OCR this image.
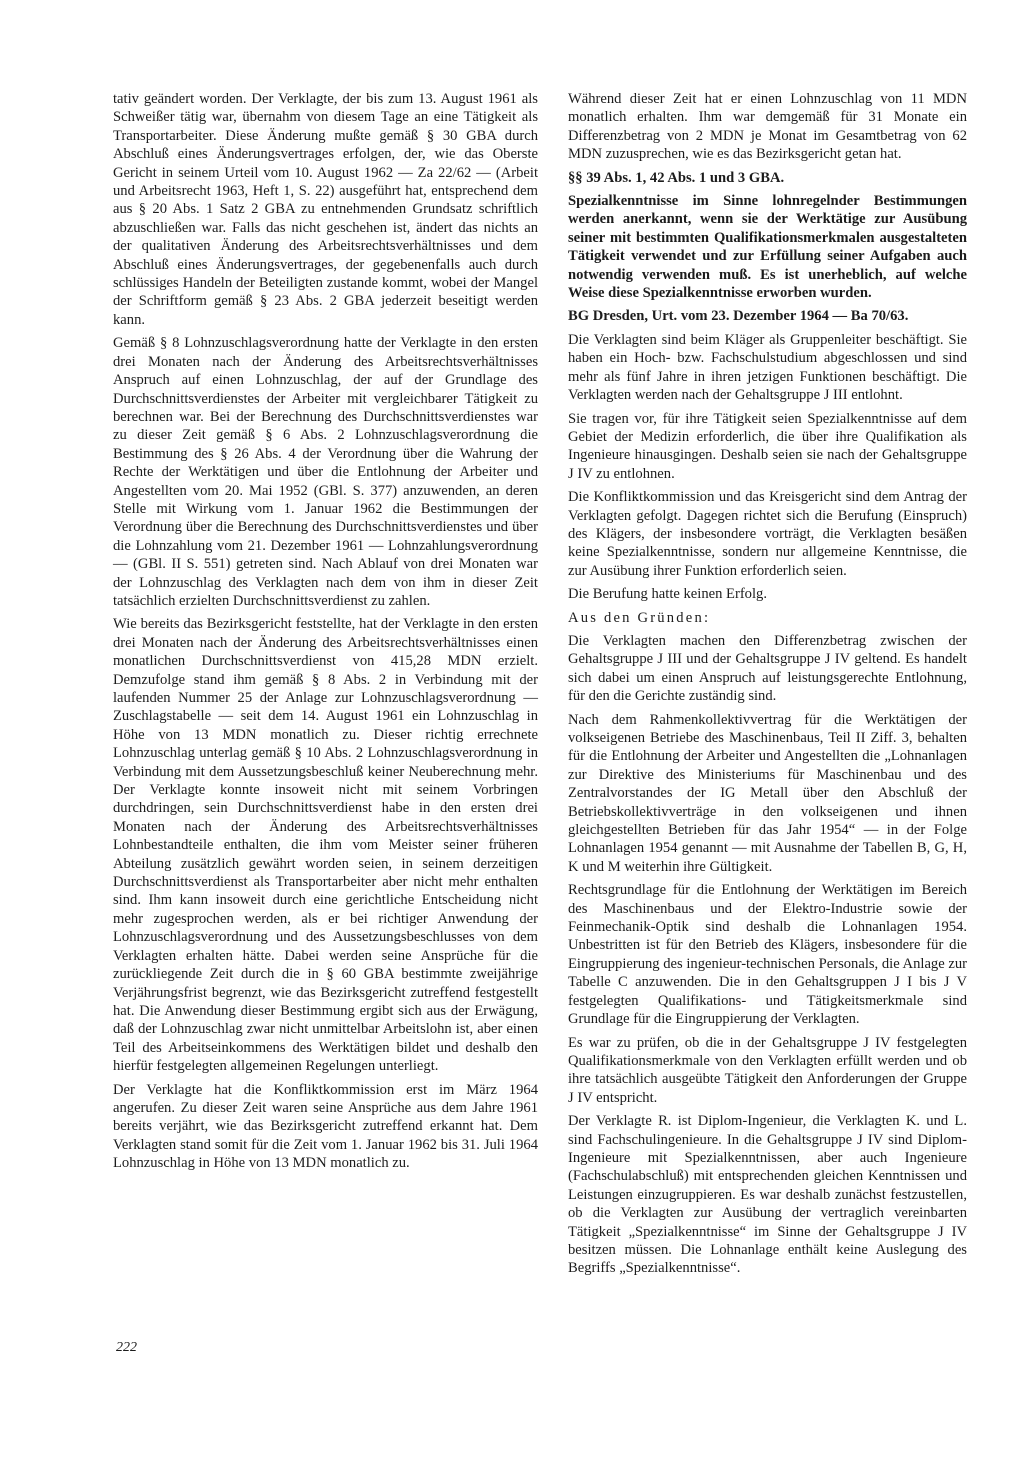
tativ geändert worden. Der Verklagte, der bis zum 13. August 1961 als Schweißer tätig war, übernahm von diesem Tage an eine Tätigkeit als Transportarbeiter. Diese Änderung mußte gemäß § 30 GBA durch Abschluß eines Änderungsvertrages erfolgen, der, wie das Oberste Gericht in seinem Urteil vom 10. August 1962 — Za 22/62 — (Arbeit und Arbeitsrecht 1963, Heft 1, S. 22) ausgeführt hat, entsprechend dem aus § 20 Abs. 1 Satz 2 GBA zu entnehmenden Grundsatz schriftlich abzuschließen war. Falls das nicht geschehen ist, ändert das nichts an der qualitativen Änderung des Arbeitsrechtsverhältnisses und dem Abschluß eines Änderungsvertrages, der gegebenenfalls auch durch schlüssiges Handeln der Beteiligten zustande kommt, wobei der Mangel der Schriftform gemäß § 23 Abs. 2 GBA jederzeit beseitigt werden kann.

Gemäß § 8 Lohnzuschlagsverordnung hatte der Verklagte in den ersten drei Monaten nach der Änderung des Arbeitsrechtsverhältnisses Anspruch auf einen Lohnzuschlag, der auf der Grundlage des Durchschnittsverdienstes der Arbeiter mit vergleichbarer Tätigkeit zu berechnen war. Bei der Berechnung des Durchschnittsverdienstes war zu dieser Zeit gemäß § 6 Abs. 2 Lohnzuschlagsverordnung die Bestimmung des § 26 Abs. 4 der Verordnung über die Wahrung der Rechte der Werktätigen und über die Entlohnung der Arbeiter und Angestellten vom 20. Mai 1952 (GBl. S. 377) anzuwenden, an deren Stelle mit Wirkung vom 1. Januar 1962 die Bestimmungen der Verordnung über die Berechnung des Durchschnittsverdienstes und über die Lohnzahlung vom 21. Dezember 1961 — Lohnzahlungsverordnung — (GBl. II S. 551) getreten sind. Nach Ablauf von drei Monaten war der Lohnzuschlag des Verklagten nach dem von ihm in dieser Zeit tatsächlich erzielten Durchschnittsverdienst zu zahlen.

Wie bereits das Bezirksgericht feststellte, hat der Verklagte in den ersten drei Monaten nach der Änderung des Arbeitsrechtsverhältnisses einen monatlichen Durchschnittsverdienst von 415,28 MDN erzielt. Demzufolge stand ihm gemäß § 8 Abs. 2 in Verbindung mit der laufenden Nummer 25 der Anlage zur Lohnzuschlagsverordnung — Zuschlagstabelle — seit dem 14. August 1961 ein Lohnzuschlag in Höhe von 13 MDN monatlich zu. Dieser richtig errechnete Lohnzuschlag unterlag gemäß § 10 Abs. 2 Lohnzuschlagsverordnung in Verbindung mit dem Aussetzungsbeschluß keiner Neuberechnung mehr. Der Verklagte konnte insoweit nicht mit seinem Vorbringen durchdringen, sein Durchschnittsverdienst habe in den ersten drei Monaten nach der Änderung des Arbeitsrechtsverhältnisses Lohnbestandteile enthalten, die ihm vom Meister seiner früheren Abteilung zusätzlich gewährt worden seien, in seinem derzeitigen Durchschnittsverdienst als Transportarbeiter aber nicht mehr enthalten sind. Ihm kann insoweit durch eine gerichtliche Entscheidung nicht mehr zugesprochen werden, als er bei richtiger Anwendung der Lohnzuschlagsverordnung und des Aussetzungsbeschlusses von dem Verklagten erhalten hätte. Dabei werden seine Ansprüche für die zurückliegende Zeit durch die in § 60 GBA bestimmte zweijährige Verjährungsfrist begrenzt, wie das Bezirksgericht zutreffend festgestellt hat. Die Anwendung dieser Bestimmung ergibt sich aus der Erwägung, daß der Lohnzuschlag zwar nicht unmittelbar Arbeitslohn ist, aber einen Teil des Arbeitseinkommens des Werktätigen bildet und deshalb den hierfür festgelegten allgemeinen Regelungen unterliegt.

Der Verklagte hat die Konfliktkommission erst im März 1964 angerufen. Zu dieser Zeit waren seine Ansprüche aus dem Jahre 1961 bereits verjährt, wie das Bezirksgericht zutreffend erkannt hat. Dem Verklagten stand somit für die Zeit vom 1. Januar 1962 bis 31. Juli 1964 Lohnzuschlag in Höhe von 13 MDN monatlich zu.

Während dieser Zeit hat er einen Lohnzuschlag von 11 MDN monatlich erhalten. Ihm war demgemäß für 31 Monate ein Differenzbetrag von 2 MDN je Monat im Gesamtbetrag von 62 MDN zuzusprechen, wie es das Bezirksgericht getan hat.

§§ 39 Abs. 1, 42 Abs. 1 und 3 GBA.

Spezialkenntnisse im Sinne lohnregelnder Bestimmungen werden anerkannt, wenn sie der Werktätige zur Ausübung seiner mit bestimmten Qualifikationsmerkmalen ausgestalteten Tätigkeit verwendet und zur Erfüllung seiner Aufgaben auch notwendig verwenden muß. Es ist unerheblich, auf welche Weise diese Spezialkenntnisse erworben wurden.

BG Dresden, Urt. vom 23. Dezember 1964 — Ba 70/63.

Die Verklagten sind beim Kläger als Gruppenleiter beschäftigt. Sie haben ein Hoch- bzw. Fachschulstudium abgeschlossen und sind mehr als fünf Jahre in ihren jetzigen Funktionen beschäftigt. Die Verklagten werden nach der Gehaltsgruppe J III entlohnt.

Sie tragen vor, für ihre Tätigkeit seien Spezialkenntnisse auf dem Gebiet der Medizin erforderlich, die über ihre Qualifikation als Ingenieure hinausgingen. Deshalb seien sie nach der Gehaltsgruppe J IV zu entlohnen.

Die Konfliktkommission und das Kreisgericht sind dem Antrag der Verklagten gefolgt. Dagegen richtet sich die Berufung (Einspruch) des Klägers, der insbesondere vorträgt, die Verklagten besäßen keine Spezialkenntnisse, sondern nur allgemeine Kenntnisse, die zur Ausübung ihrer Funktion erforderlich seien.

Die Berufung hatte keinen Erfolg.

Aus den Gründen:

Die Verklagten machen den Differenzbetrag zwischen der Gehaltsgruppe J III und der Gehaltsgruppe J IV geltend. Es handelt sich dabei um einen Anspruch auf leistungsgerechte Entlohnung, für den die Gerichte zuständig sind.

Nach dem Rahmenkollektivvertrag für die Werktätigen der volkseigenen Betriebe des Maschinenbaus, Teil II Ziff. 3, behalten für die Entlohnung der Arbeiter und Angestellten die „Lohnanlagen zur Direktive des Ministeriums für Maschinenbau und des Zentralvorstandes der IG Metall über den Abschluß der Betriebskollektivverträge in den volkseigenen und ihnen gleichgestellten Betrieben für das Jahr 1954“ — in der Folge Lohnanlagen 1954 genannt — mit Ausnahme der Tabellen B, G, H, K und M weiterhin ihre Gültigkeit.

Rechtsgrundlage für die Entlohnung der Werktätigen im Bereich des Maschinenbaus und der Elektro-Industrie sowie der Feinmechanik-Optik sind deshalb die Lohnanlagen 1954. Unbestritten ist für den Betrieb des Klägers, insbesondere für die Eingruppierung des ingenieur-technischen Personals, die Anlage zur Tabelle C anzuwenden. Die in den Gehaltsgruppen J I bis J V festgelegten Qualifikations- und Tätigkeitsmerkmale sind Grundlage für die Eingruppierung der Verklagten.

Es war zu prüfen, ob die in der Gehaltsgruppe J IV festgelegten Qualifikationsmerkmale von den Verklagten erfüllt werden und ob ihre tatsächlich ausgeübte Tätigkeit den Anforderungen der Gruppe J IV entspricht.

Der Verklagte R. ist Diplom-Ingenieur, die Verklagten K. und L. sind Fachschulingenieure. In die Gehaltsgruppe J IV sind Diplom-Ingenieure mit Spezialkenntnissen, aber auch Ingenieure (Fachschulabschluß) mit entsprechenden gleichen Kenntnissen und Leistungen einzugruppieren. Es war deshalb zunächst festzustellen, ob die Verklagten zur Ausübung der vertraglich vereinbarten Tätigkeit „Spezialkenntnisse“ im Sinne der Gehaltsgruppe J IV besitzen müssen. Die Lohnanlage enthält keine Auslegung des Begriffs „Spezialkenntnisse“.

222
